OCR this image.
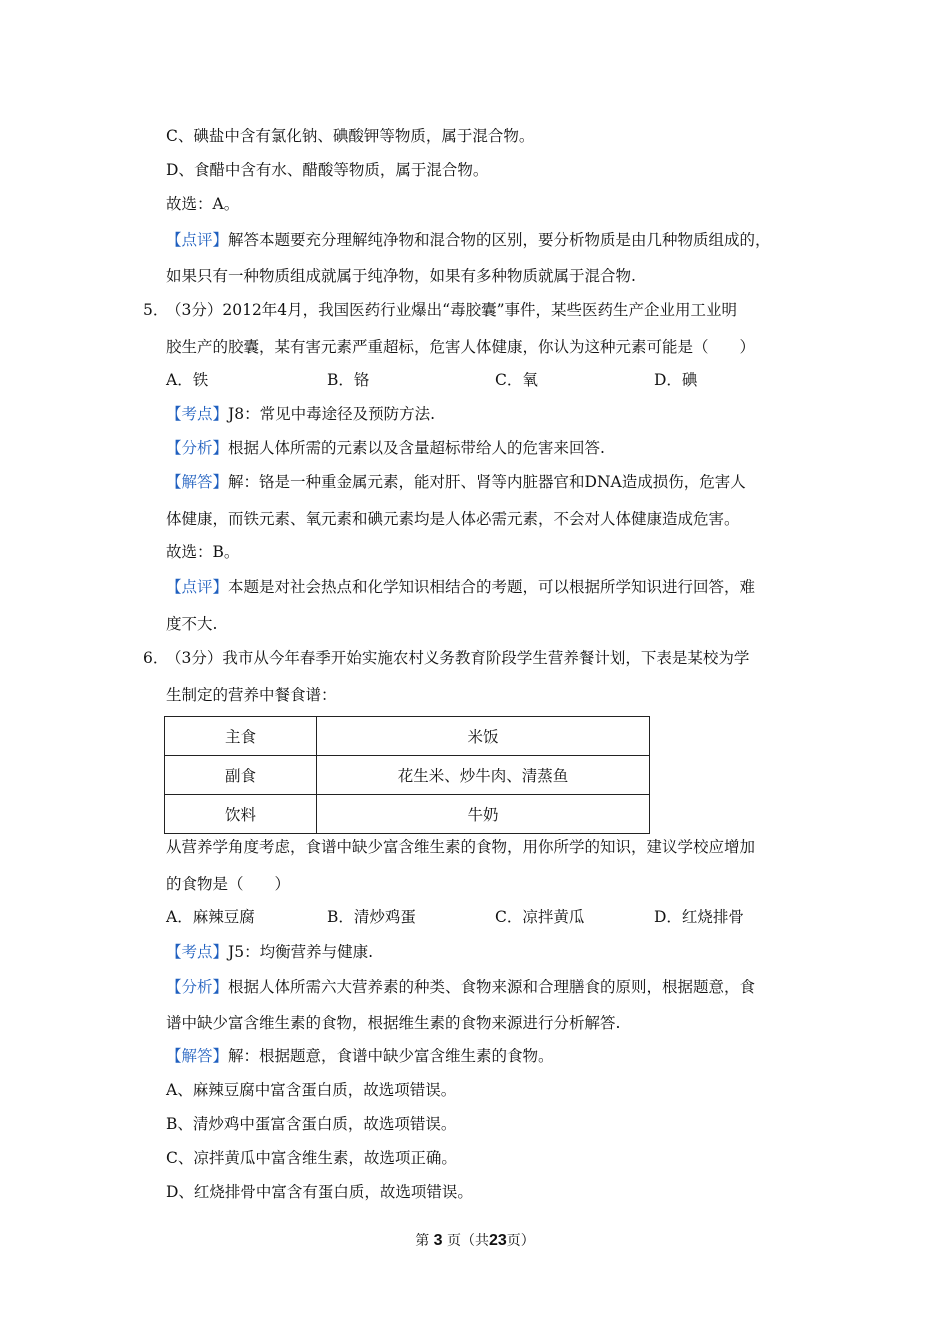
C、碘盐中含有氯化钠、碘酸钾等物质，属于混合物。
D、食醋中含有水、醋酸等物质，属于混合物。
故选：A。
【点评】解答本题要充分理解纯净物和混合物的区别，要分析物质是由几种物质组成的，
如果只有一种物质组成就属于纯净物，如果有多种物质就属于混合物.
5．
（3分）2012年4月，我国医药行业爆出“毒胶囊”事件，某些医药生产企业用工业明
胶生产的胶囊，某有害元素严重超标，危害人体健康，你认为这种元素可能是（　　）
A．铁	B．铬	C．氧	D．碘
【考点】J8：常见中毒途径及预防方法.
【分析】根据人体所需的元素以及含量超标带给人的危害来回答.
【解答】解：铬是一种重金属元素，能对肝、肾等内脏器官和DNA造成损伤，危害人
体健康，而铁元素、氧元素和碘元素均是人体必需元素，不会对人体健康造成危害。
故选：B。
【点评】本题是对社会热点和化学知识相结合的考题，可以根据所学知识进行回答，难
度不大.
6．
（3分）我市从今年春季开始实施农村义务教育阶段学生营养餐计划，下表是某校为学
生制定的营养中餐食谱：
主食	米饭
副食	花生米、炒牛肉、清蒸鱼
饮料	牛奶
从营养学角度考虑，食谱中缺少富含维生素的食物，用你所学的知识，建议学校应增加
的食物是（　　）
A．麻辣豆腐	B．清炒鸡蛋	C．凉拌黄瓜	D．红烧排骨
【考点】J5：均衡营养与健康.
【分析】根据人体所需六大营养素的种类、食物来源和合理膳食的原则，根据题意，食
谱中缺少富含维生素的食物，根据维生素的食物来源进行分析解答.
【解答】解：根据题意，食谱中缺少富含维生素的食物。
A、麻辣豆腐中富含蛋白质，故选项错误。
B、清炒鸡中蛋富含蛋白质，故选项错误。
C、凉拌黄瓜中富含维生素，故选项正确。
D、红烧排骨中富含有蛋白质，故选项错误。
第 3 页（共23页）
